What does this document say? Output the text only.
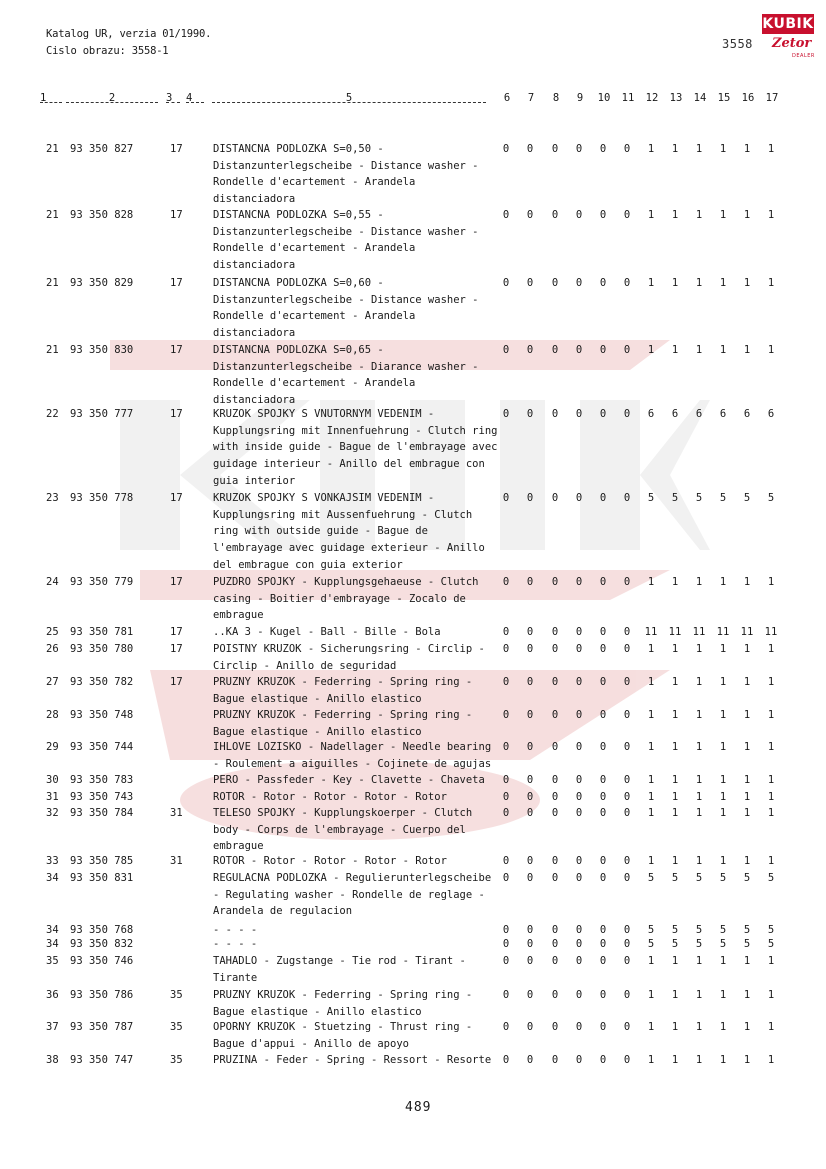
Katalog UR, verzia 01/1990.
Cislo obrazu: 3558-1	3558
KUBIK
Zetor
DEALER
1	2	3	4	5	6	7	8	9	10	11	12	13	14	15	16	17
21	93 350 827	17	DISTANCNA PODLOZKA S=0,50 -
Distanzunterlegscheibe - Distance washer -
Rondelle d'ecartement - Arandela
distanciadora
0	0	0	0	0	0	1	1	1	1	1	1
21	93 350 828	17	DISTANCNA PODLOZKA S=0,55 -
Distanzunterlegscheibe - Distance washer -
Rondelle d'ecartement - Arandela
distanciadora
0	0	0	0	0	0	1	1	1	1	1	1
21	93 350 829	17	DISTANCNA PODLOZKA S=0,60 -
Distanzunterlegscheibe - Distance washer -
Rondelle d'ecartement - Arandela
distanciadora
0	0	0	0	0	0	1	1	1	1	1	1
21	93 350 830	17	DISTANCNA PODLOZKA S=0,65 -
Distanzunterlegscheibe - Diarance washer -
Rondelle d'ecartement - Arandela
distanciadora
0	0	0	0	0	0	1	1	1	1	1	1
22	93 350 777	17	KRUZOK SPOJKY S VNUTORNYM VEDENIM -
Kupplungsring mit Innenfuehrung - Clutch ring
with inside guide - Bague de l'embrayage avec
guidage interieur - Anillo del embrague con
guia interior
0	0	0	0	0	0	6	6	6	6	6	6
23	93 350 778	17	KRUZOK SPOJKY S VONKAJSIM VEDENIM -
Kupplungsring mit Aussenfuehrung - Clutch
ring with outside guide - Bague de
l'embrayage avec guidage exterieur - Anillo
del embrague con guia exterior
0	0	0	0	0	0	5	5	5	5	5	5
24	93 350 779	17	PUZDRO SPOJKY - Kupplungsgehaeuse - Clutch
casing - Boitier d'embrayage - Zocalo de
embrague
0	0	0	0	0	0	1	1	1	1	1	1
25	93 350 781	17	..KA 3 - Kugel - Ball - Bille - Bola	0	0	0	0	0	0	11 11 11 11 11 11
26	93 350 780	17	POISTNY KRUZOK - Sicherungsring - Circlip -
Circlip - Anillo de seguridad
0	0	0	0	0	0	1	1	1	1	1	1
27	93 350 782	17	PRUZNY KRUZOK - Federring - Spring ring -
Bague elastique - Anillo elastico
0	0	0	0	0	0	1	1	1	1	1	1
28	93 350 748	PRUZNY KRUZOK - Federring - Spring ring -
Bague elastique - Anillo elastico
0	0	0	0	0	0	1	1	1	1	1	1
29	93 350 744	IHLOVE LOZISKO - Nadellager - Needle bearing
- Roulement a aiguilles - Cojinete de agujas
0	0	0	0	0	0	1	1	1	1	1	1
30	93 350 783	PERO - Passfeder - Key - Clavette - Chaveta	0	0	0	0	0	0	1	1	1	1	1	1
31	93 350 743	ROTOR - Rotor - Rotor - Rotor - Rotor	0	0	0	0	0	0	1	1	1	1	1	1
32	93 350 784	31	TELESO SPOJKY - Kupplungskoerper - Clutch
body - Corps de l'embrayage - Cuerpo del
embrague
0	0	0	0	0	0	1	1	1	1	1	1
33	93 350 785	31	ROTOR - Rotor - Rotor - Rotor - Rotor	0	0	0	0	0	0	1	1	1	1	1	1
34	93 350 831	REGULACNA PODLOZKA - Regulierunterlegscheibe
- Regulating washer - Rondelle de reglage -
Arandela de regulacion
0	0	0	0	0	0	5	5	5	5	5	5
34	93 350 768	- - - -	0	0	0	0	0	0	5	5	5	5	5	5
34	93 350 832	- - - -	0	0	0	0	0	0	5	5	5	5	5	5
35	93 350 746	TAHADLO - Zugstange - Tie rod - Tirant -
Tirante
0	0	0	0	0	0	1	1	1	1	1	1
36	93 350 786	35	PRUZNY KRUZOK - Federring - Spring ring -
Bague elastique - Anillo elastico
0	0	0	0	0	0	1	1	1	1	1	1
37	93 350 787	35	OPORNY KRUZOK - Stuetzing - Thrust ring -
Bague d'appui - Anillo de apoyo
0	0	0	0	0	0	1	1	1	1	1	1
38	93 350 747	35	PRUZINA - Feder - Spring - Ressort - Resorte	0	0	0	0	0	0	1	1	1	1	1	1
489
